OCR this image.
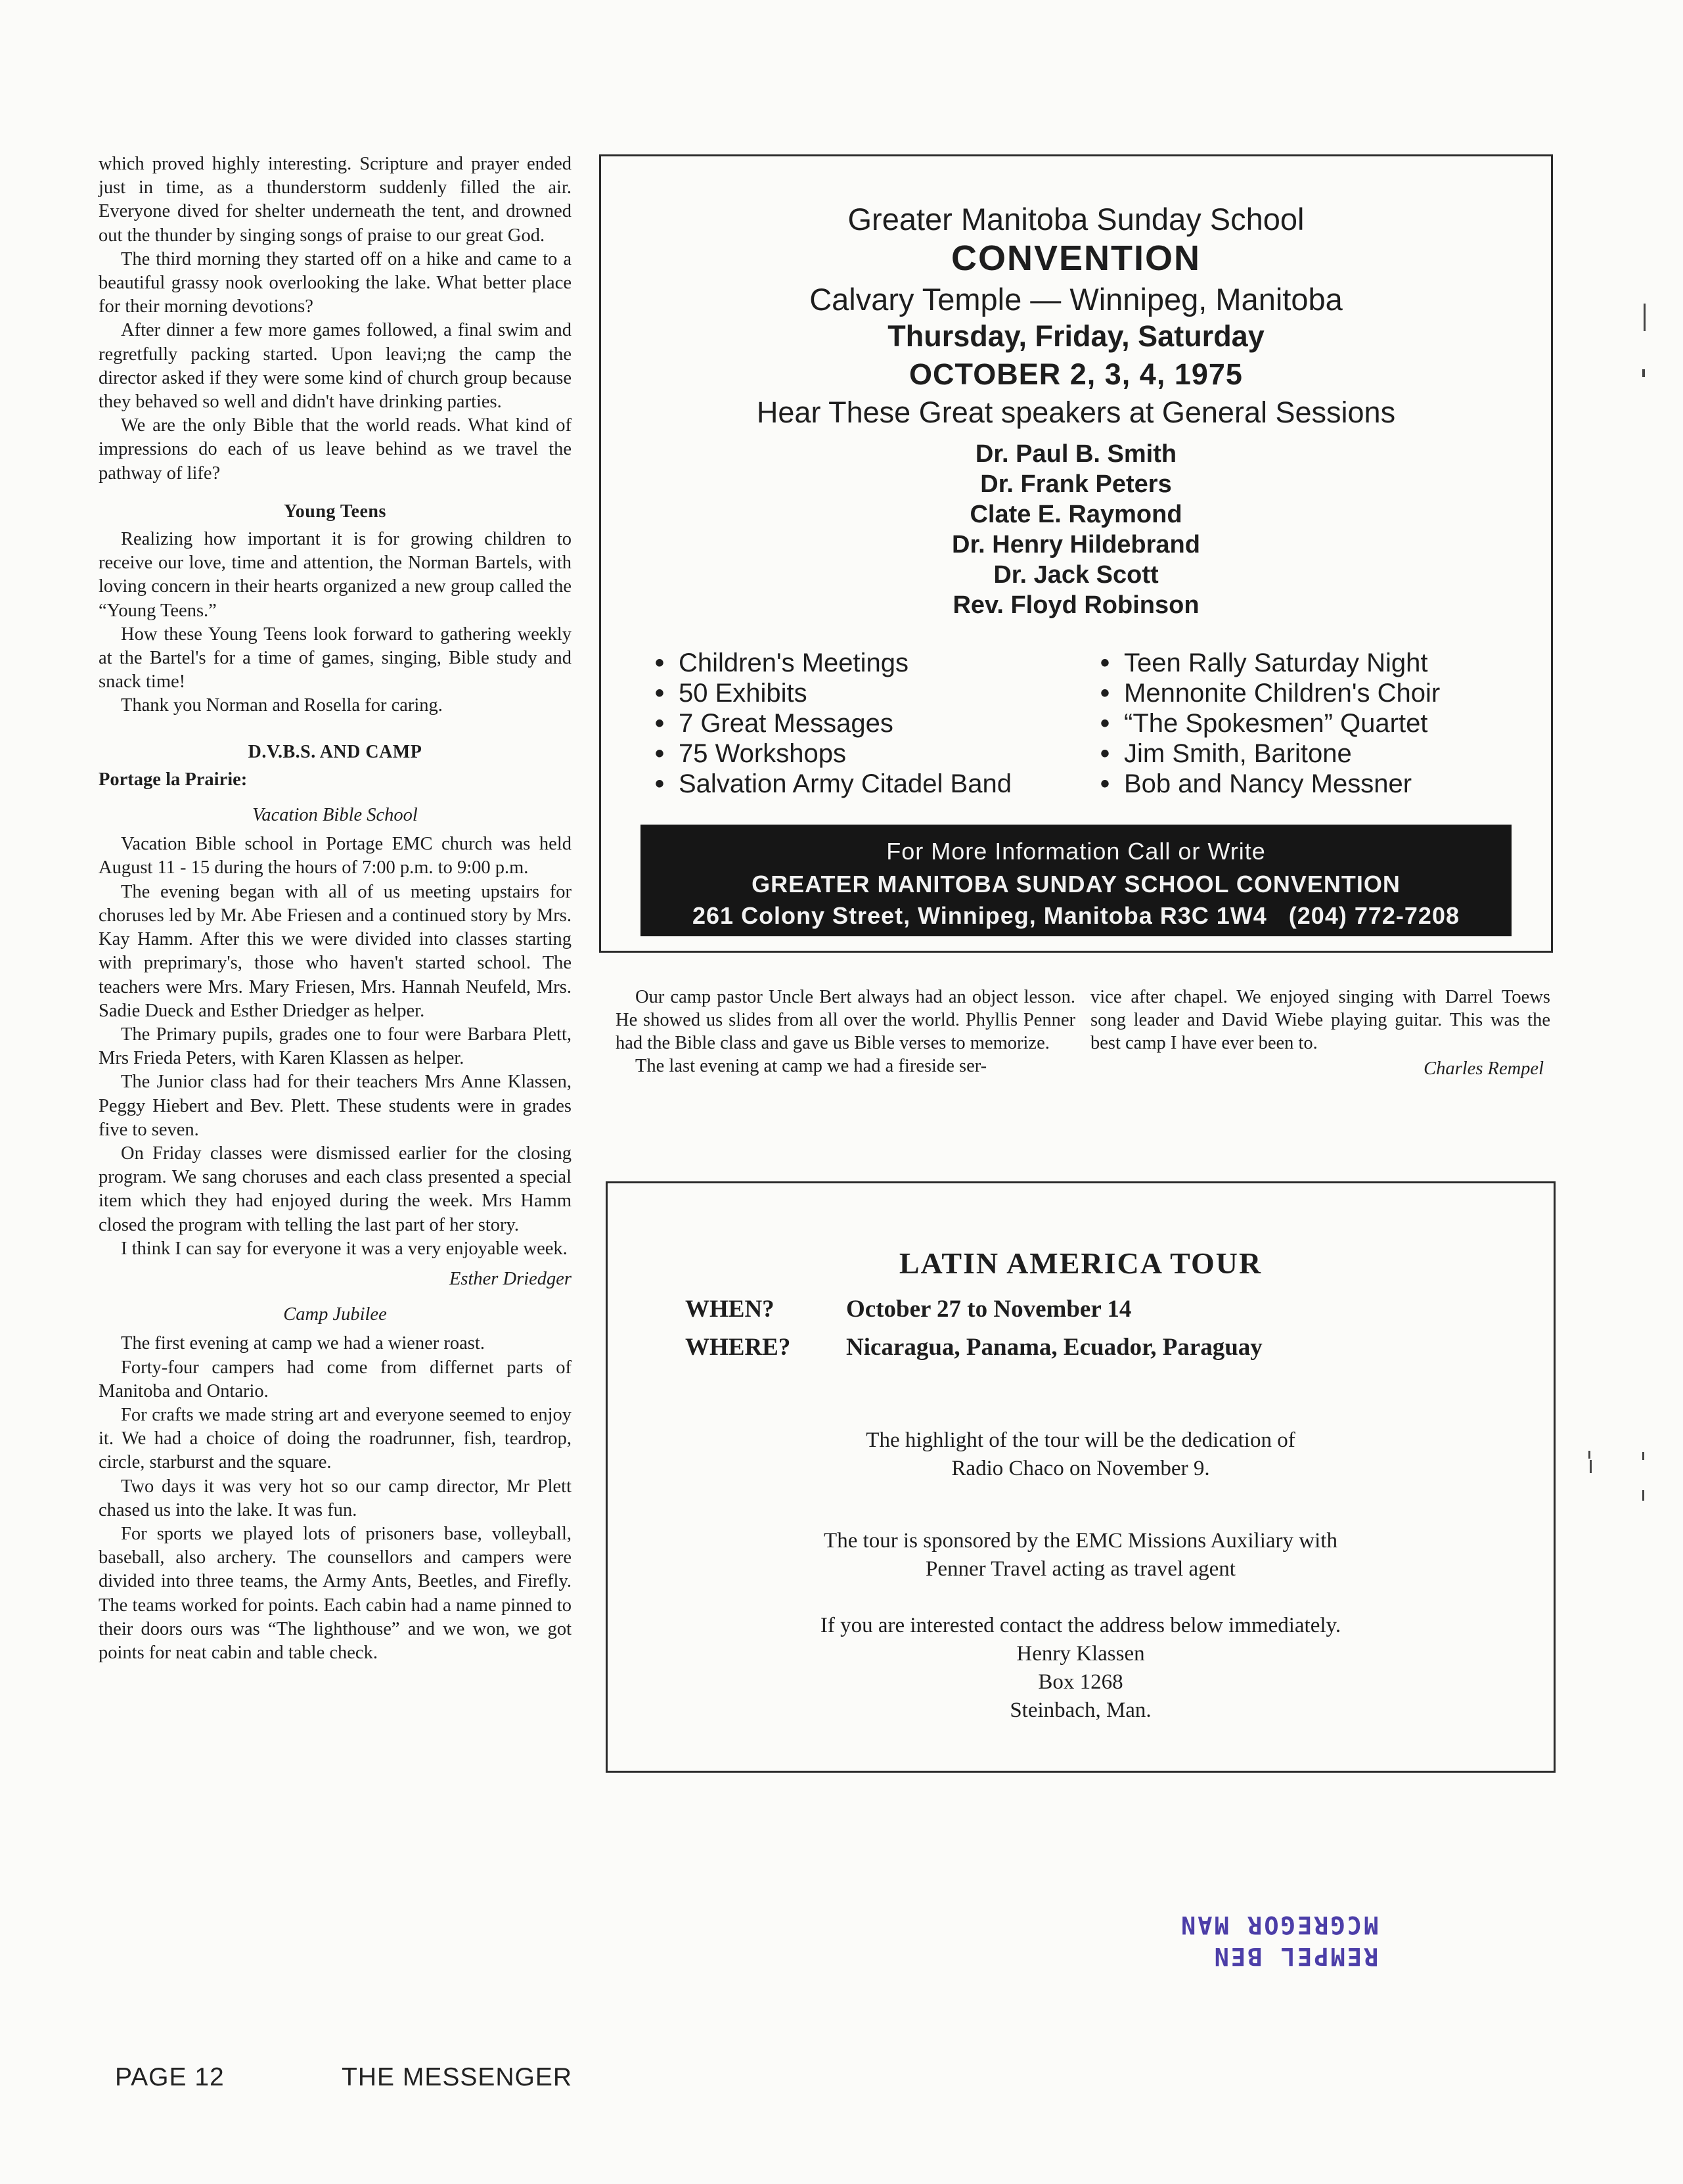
which proved highly interesting. Scripture and prayer ended just in time, as a thunderstorm suddenly filled the air. Everyone dived for shelter underneath the tent, and drowned out the thunder by singing songs of praise to our great God.

The third morning they started off on a hike and came to a beautiful grassy nook overlooking the lake. What better place for their morning devotions?

After dinner a few more games followed, a final swim and regretfully packing started. Upon leavi;ng the camp the director asked if they were some kind of church group because they behaved so well and didn't have drinking parties.

We are the only Bible that the world reads. What kind of impressions do each of us leave behind as we travel the pathway of life?

Young Teens

Realizing how important it is for growing children to receive our love, time and attention, the Norman Bartels, with loving concern in their hearts organized a new group called the “Young Teens.”

How these Young Teens look forward to gathering weekly at the Bartel's for a time of games, singing, Bible study and snack time!

Thank you Norman and Rosella for caring.

D.V.B.S. AND CAMP
Portage la Prairie:
Vacation Bible School

Vacation Bible school in Portage EMC church was held August 11 - 15 during the hours of 7:00 p.m. to 9:00 p.m.

The evening began with all of us meeting upstairs for choruses led by Mr. Abe Friesen and a continued story by Mrs. Kay Hamm. After this we were divided into classes starting with preprimary's, those who haven't started school. The teachers were Mrs. Mary Friesen, Mrs. Hannah Neufeld, Mrs. Sadie Dueck and Esther Driedger as helper.

The Primary pupils, grades one to four were Barbara Plett, Mrs Frieda Peters, with Karen Klassen as helper.

The Junior class had for their teachers Mrs Anne Klassen, Peggy Hiebert and Bev. Plett. These students were in grades five to seven.

On Friday classes were dismissed earlier for the closing program. We sang choruses and each class presented a special item which they had enjoyed during the week. Mrs Hamm closed the program with telling the last part of her story.

I think I can say for everyone it was a very enjoyable week.

Esther Driedger
Camp Jubilee

The first evening at camp we had a wiener roast.

Forty-four campers had come from differnet parts of Manitoba and Ontario.

For crafts we made string art and everyone seemed to enjoy it. We had a choice of doing the roadrunner, fish, teardrop, circle, starburst and the square.

Two days it was very hot so our camp director, Mr Plett chased us into the lake. It was fun.

For sports we played lots of prisoners base, volleyball, baseball, also archery. The counsellors and campers were divided into three teams, the Army Ants, Beetles, and Firefly. The teams worked for points. Each cabin had a name pinned to their doors ours was “The lighthouse” and we won, we got points for neat cabin and table check.

PAGE 12	THE MESSENGER
Greater Manitoba Sunday School
CONVENTION
Calvary Temple — Winnipeg, Manitoba
Thursday, Friday, Saturday
OCTOBER 2, 3, 4, 1975
Hear These Great speakers at General Sessions
Dr. Paul B. Smith
Dr. Frank Peters
Clate E. Raymond
Dr. Henry Hildebrand
Dr. Jack Scott
Rev. Floyd Robinson
• Children's Meetings
• 50 Exhibits
• 7 Great Messages
• 75 Workshops
• Salvation Army Citadel Band
• Teen Rally Saturday Night
• Mennonite Children's Choir
• “The Spokesmen” Quartet
• Jim Smith, Baritone
• Bob and Nancy Messner
For More Information Call or Write
GREATER MANITOBA SUNDAY SCHOOL CONVENTION
261 Colony Street, Winnipeg, Manitoba R3C 1W4   (204) 772-7208

Our camp pastor Uncle Bert always had an object lesson. He showed us slides from all over the world. Phyllis Penner had the Bible class and gave us Bible verses to memorize.

The last evening at camp we had a fireside ser-

vice after chapel. We enjoyed singing with Darrel Toews song leader and David Wiebe playing guitar. This was the best camp I have ever been to.

Charles Rempel
LATIN AMERICA TOUR
WHEN?	October 27 to November 14
WHERE? Nicaragua, Panama, Ecuador, Paraguay
The highlight of the tour will be the dedication of
Radio Chaco on November 9.
The tour is sponsored by the EMC Missions Auxiliary with
Penner Travel acting as travel agent
If you are interested contact the address below immediately.
Henry Klassen
Box 1268
Steinbach, Man.
REMPEL BEN
MCGREGOR MAN
